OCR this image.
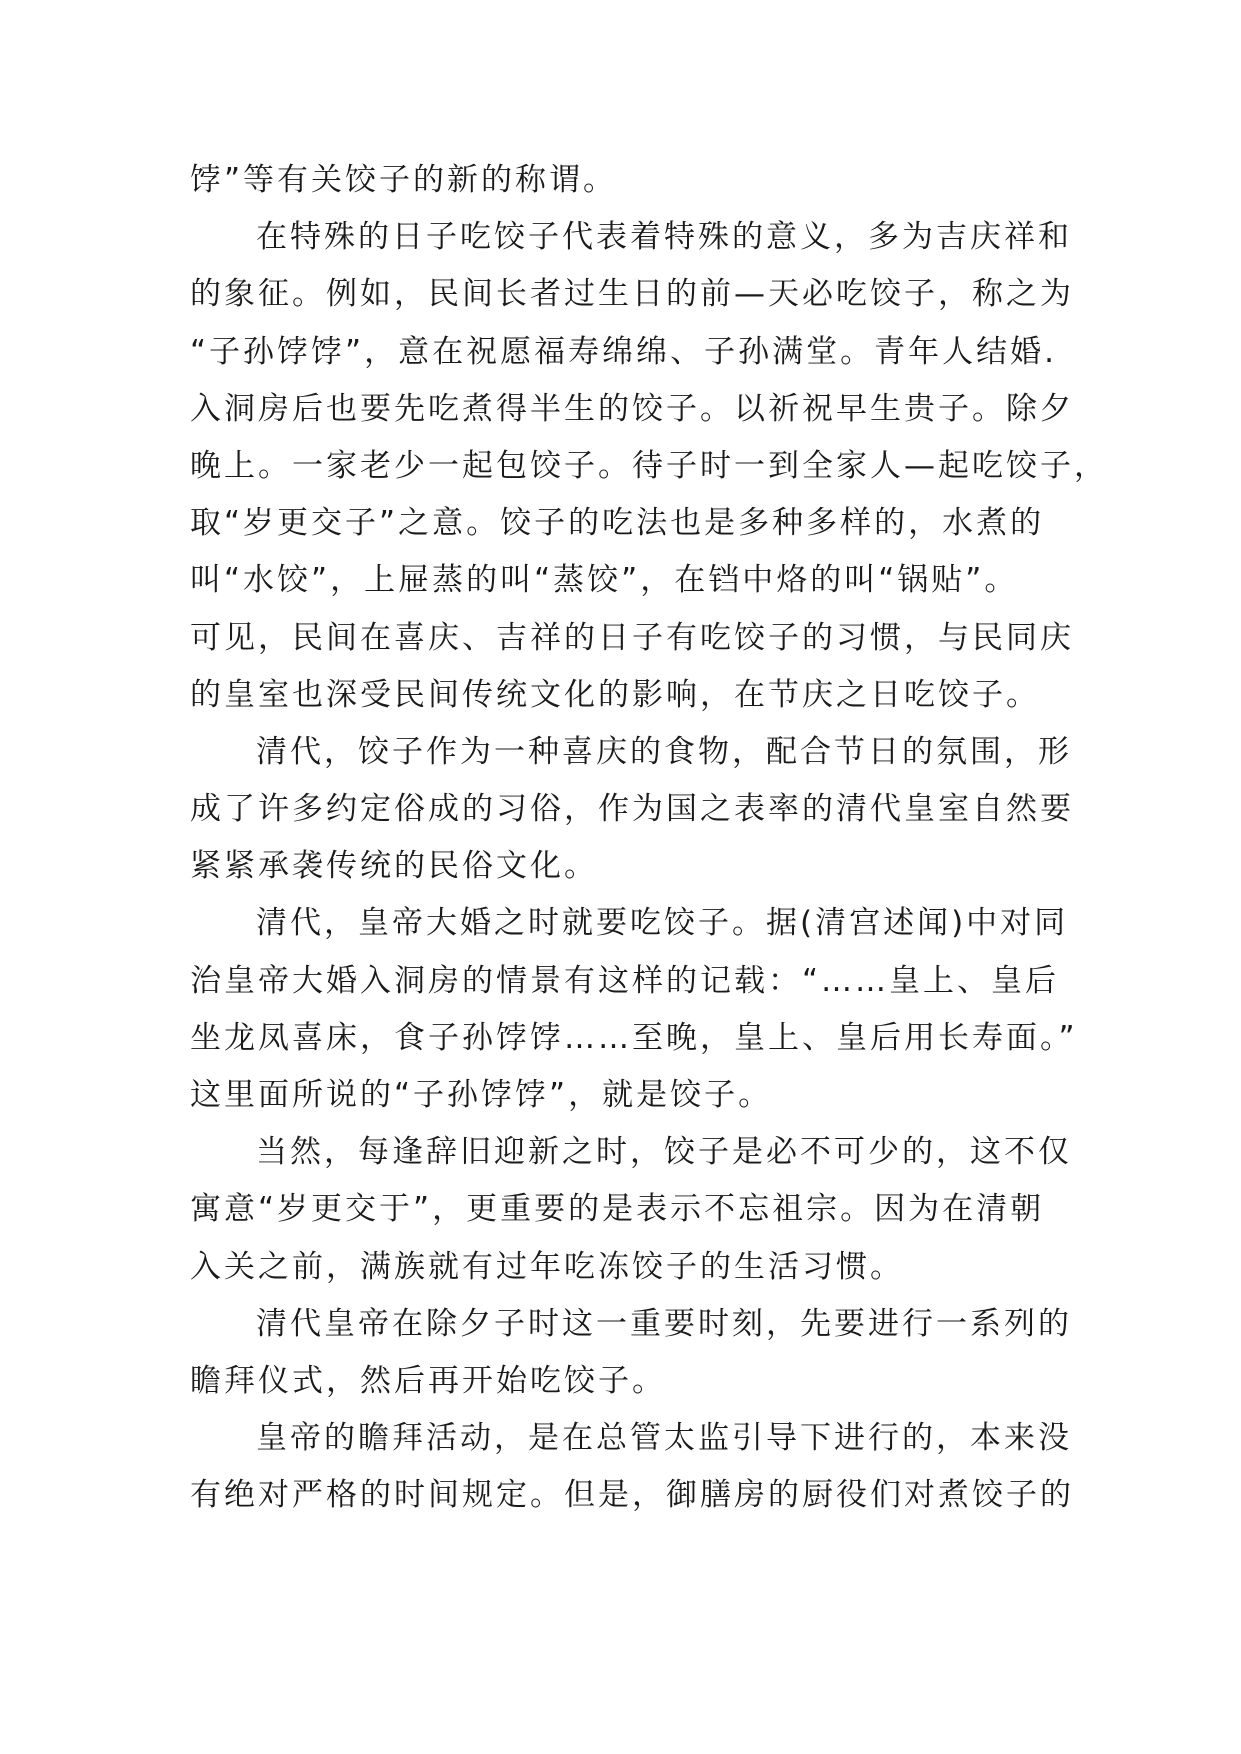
饽”等有关饺子的新的称谓。
在特殊的日子吃饺子代表着特殊的意义，多为吉庆祥和
的象征。例如，民间长者过生日的前—天必吃饺子，称之为
“子孙饽饽”，意在祝愿福寿绵绵、子孙满堂。青年人结婚.
入洞房后也要先吃煮得半生的饺子。以祈祝早生贵子。除夕
晚上。一家老少一起包饺子。待子时一到全家人—起吃饺子，
取“岁更交子”之意。饺子的吃法也是多种多样的，水煮的
叫“水饺”，上屉蒸的叫“蒸饺”，在铛中烙的叫“锅贴”。
可见，民间在喜庆、吉祥的日子有吃饺子的习惯，与民同庆
的皇室也深受民间传统文化的影响，在节庆之日吃饺子。
清代，饺子作为一种喜庆的食物，配合节日的氛围，形
成了许多约定俗成的习俗，作为国之表率的清代皇室自然要
紧紧承袭传统的民俗文化。
清代，皇帝大婚之时就要吃饺子。据(清宫述闻)中对同
治皇帝大婚入洞房的情景有这样的记载：“……皇上、皇后
坐龙凤喜床，食子孙饽饽……至晚，皇上、皇后用长寿面。”
这里面所说的“子孙饽饽”，就是饺子。
当然，每逢辞旧迎新之时，饺子是必不可少的，这不仅
寓意“岁更交于”，更重要的是表示不忘祖宗。因为在清朝
入关之前，满族就有过年吃冻饺子的生活习惯。
清代皇帝在除夕子时这一重要时刻，先要进行一系列的
瞻拜仪式，然后再开始吃饺子。
皇帝的瞻拜活动，是在总管太监引导下进行的，本来没
有绝对严格的时间规定。但是，御膳房的厨役们对煮饺子的
